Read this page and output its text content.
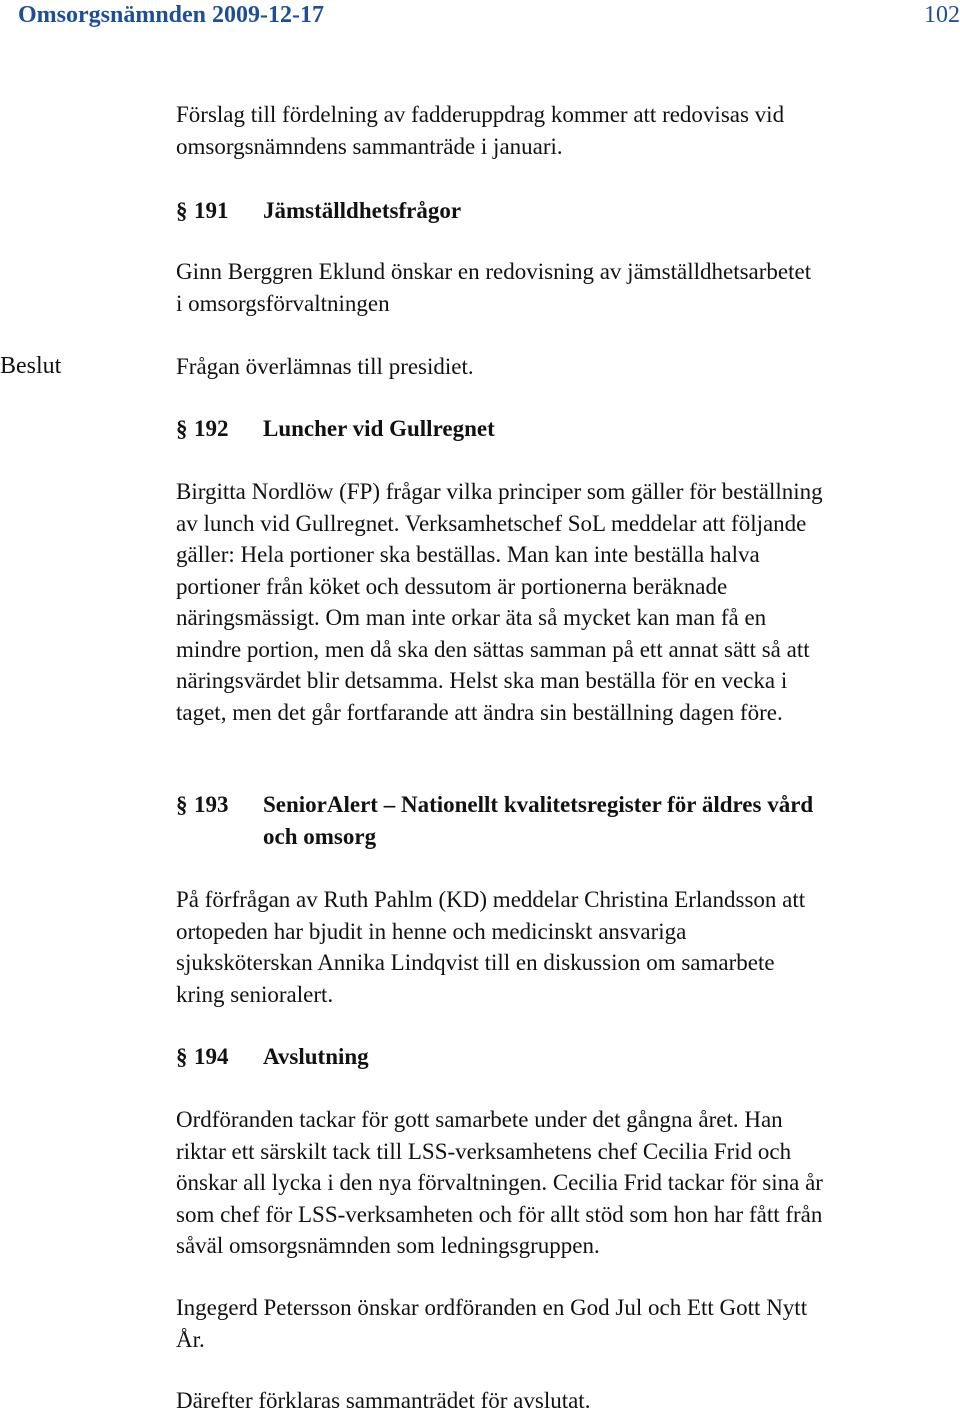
Omsorgsnämnden 2009-12-17	102
Förslag till fördelning av fadderuppdrag kommer att redovisas vid
omsorgsnämndens sammanträde i januari.
§ 191 Jämställdhetsfrågor
Ginn Berggren Eklund önskar en redovisning av jämställdhetsarbetet
i omsorgsförvaltningen
Beslut	Frågan överlämnas till presidiet.
§ 192 Luncher vid Gullregnet
Birgitta Nordlöw (FP) frågar vilka principer som gäller för beställning
av lunch vid Gullregnet. Verksamhetschef SoL meddelar att följande
gäller: Hela portioner ska beställas. Man kan inte beställa halva
portioner från köket och dessutom är portionerna beräknade
näringsmässigt. Om man inte orkar äta så mycket kan man få en
mindre portion, men då ska den sättas samman på ett annat sätt så att
näringsvärdet blir detsamma. Helst ska man beställa för en vecka i
taget, men det går fortfarande att ändra sin beställning dagen före.
§ 193 SeniorAlert – Nationellt kvalitetsregister för äldres vård
och omsorg
På förfrågan av Ruth Pahlm (KD) meddelar Christina Erlandsson att
ortopeden har bjudit in henne och medicinskt ansvariga
sjuksköterskan Annika Lindqvist till en diskussion om samarbete
kring senioralert.
§ 194 Avslutning
Ordföranden tackar för gott samarbete under det gångna året. Han
riktar ett särskilt tack till LSS-verksamhetens chef Cecilia Frid och
önskar all lycka i den nya förvaltningen. Cecilia Frid tackar för sina år
som chef för LSS-verksamheten och för allt stöd som hon har fått från
såväl omsorgsnämnden som ledningsgruppen.
Ingegerd Petersson önskar ordföranden en God Jul och Ett Gott Nytt
År.
Därefter förklaras sammanträdet för avslutat.
